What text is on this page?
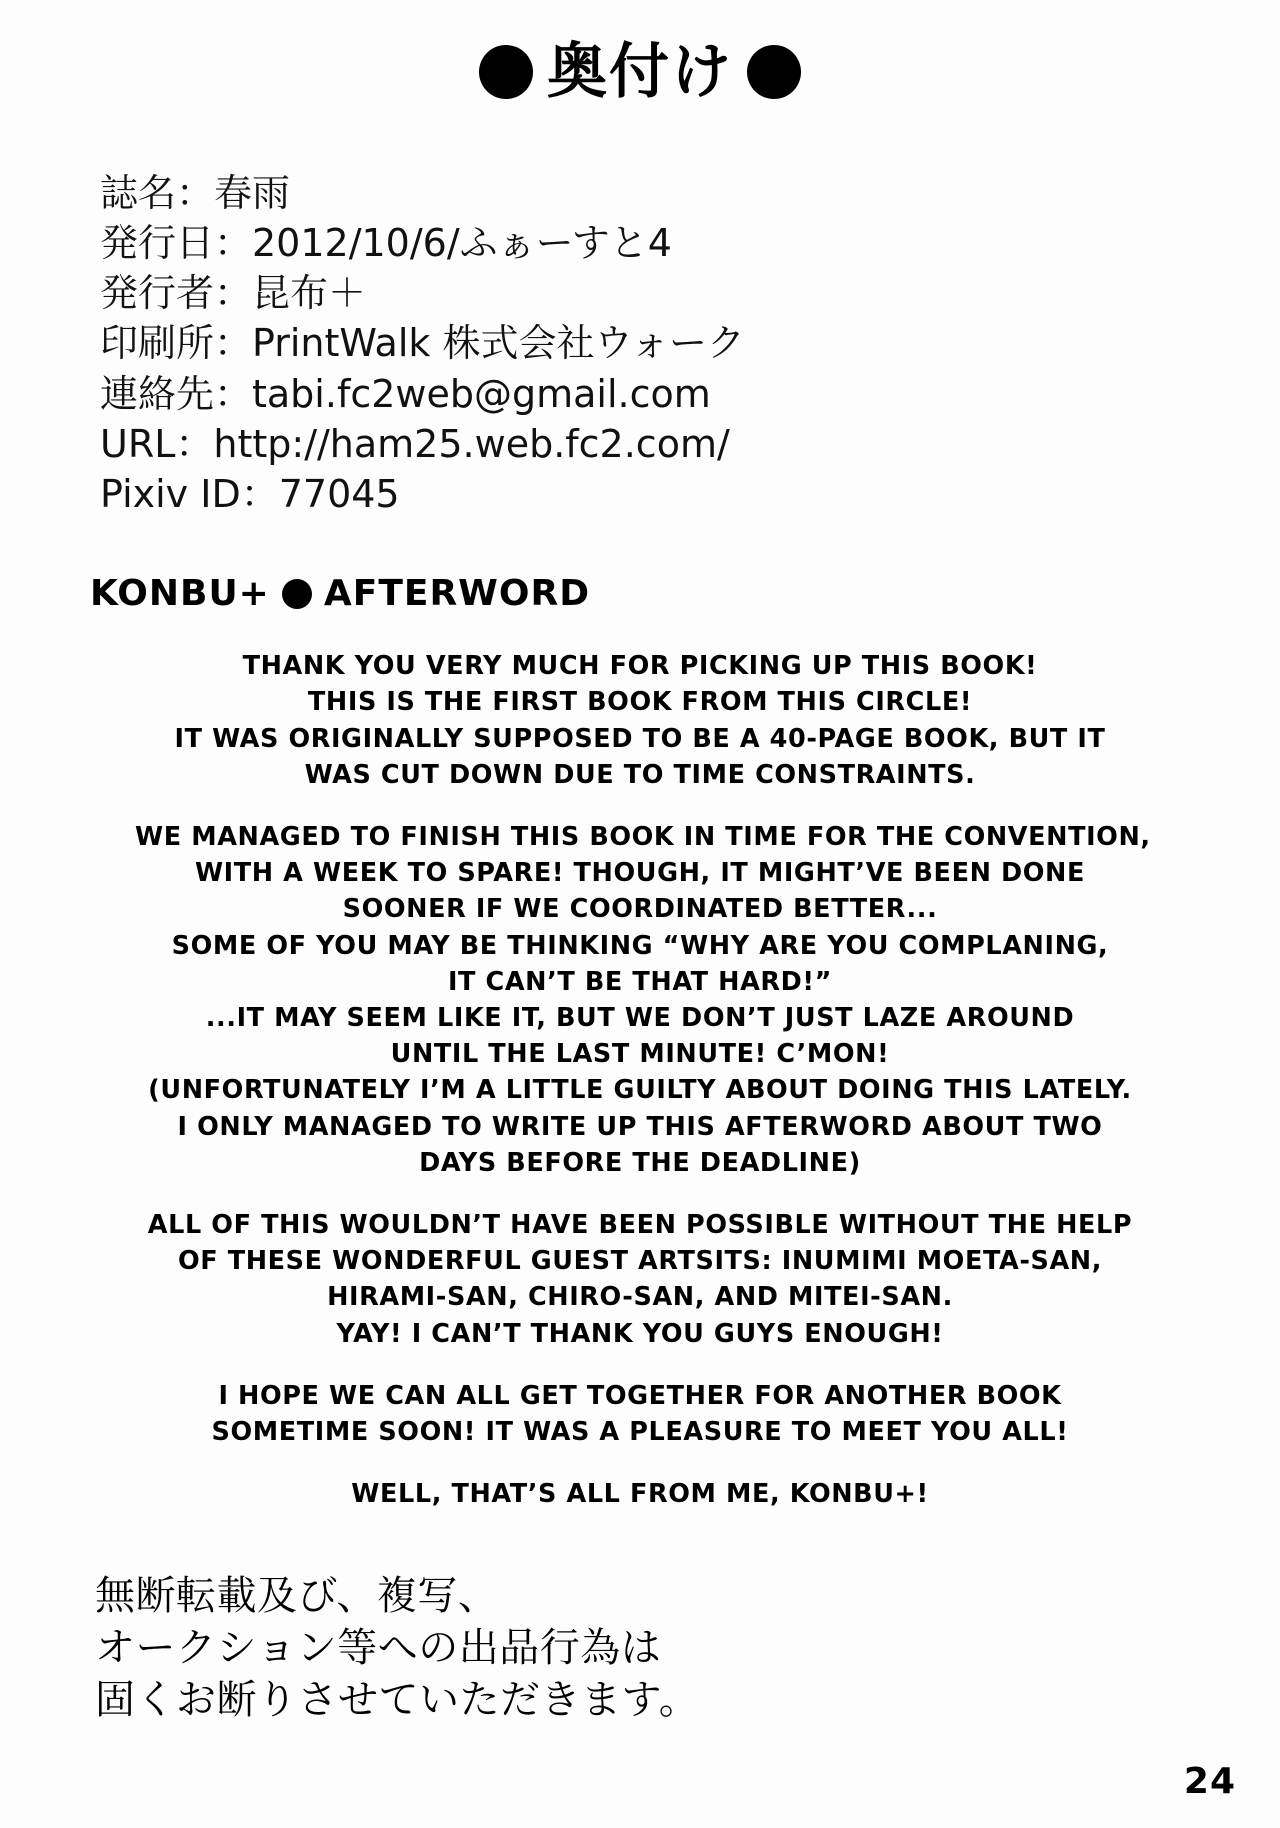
奥付け
誌名：春雨
発行日：2012/10/6/ふぁーすと4
発行者：昆布＋
印刷所：PrintWalk 株式会社ウォーク
連絡先：tabi.fc2web@gmail.com
URL：http://ham25.web.fc2.com/
Pixiv ID：77045
KONBU+ AFTERWORD

THANK YOU VERY MUCH FOR PICKING UP THIS BOOK!
THIS IS THE FIRST BOOK FROM THIS CIRCLE!
IT WAS ORIGINALLY SUPPOSED TO BE A 40-PAGE BOOK, BUT IT
WAS CUT DOWN DUE TO TIME CONSTRAINTS.

WE MANAGED TO FINISH THIS BOOK IN TIME FOR THE CONVENTION,
WITH A WEEK TO SPARE! THOUGH, IT MIGHT’VE BEEN DONE
SOONER IF WE COORDINATED BETTER...
SOME OF YOU MAY BE THINKING “WHY ARE YOU COMPLANING,
IT CAN’T BE THAT HARD!”
...IT MAY SEEM LIKE IT, BUT WE DON’T JUST LAZE AROUND
UNTIL THE LAST MINUTE! C’MON!
(UNFORTUNATELY I’M A LITTLE GUILTY ABOUT DOING THIS LATELY.
I ONLY MANAGED TO WRITE UP THIS AFTERWORD ABOUT TWO
DAYS BEFORE THE DEADLINE)

ALL OF THIS WOULDN’T HAVE BEEN POSSIBLE WITHOUT THE HELP
OF THESE WONDERFUL GUEST ARTSITS: INUMIMI MOETA-SAN,
HIRAMI-SAN, CHIRO-SAN, AND MITEI-SAN.
YAY! I CAN’T THANK YOU GUYS ENOUGH!

I HOPE WE CAN ALL GET TOGETHER FOR ANOTHER BOOK
SOMETIME SOON! IT WAS A PLEASURE TO MEET YOU ALL!

WELL, THAT’S ALL FROM ME, KONBU+!

無断転載及び、複写、
オークション等への出品行為は
固くお断りさせていただきます。
24
